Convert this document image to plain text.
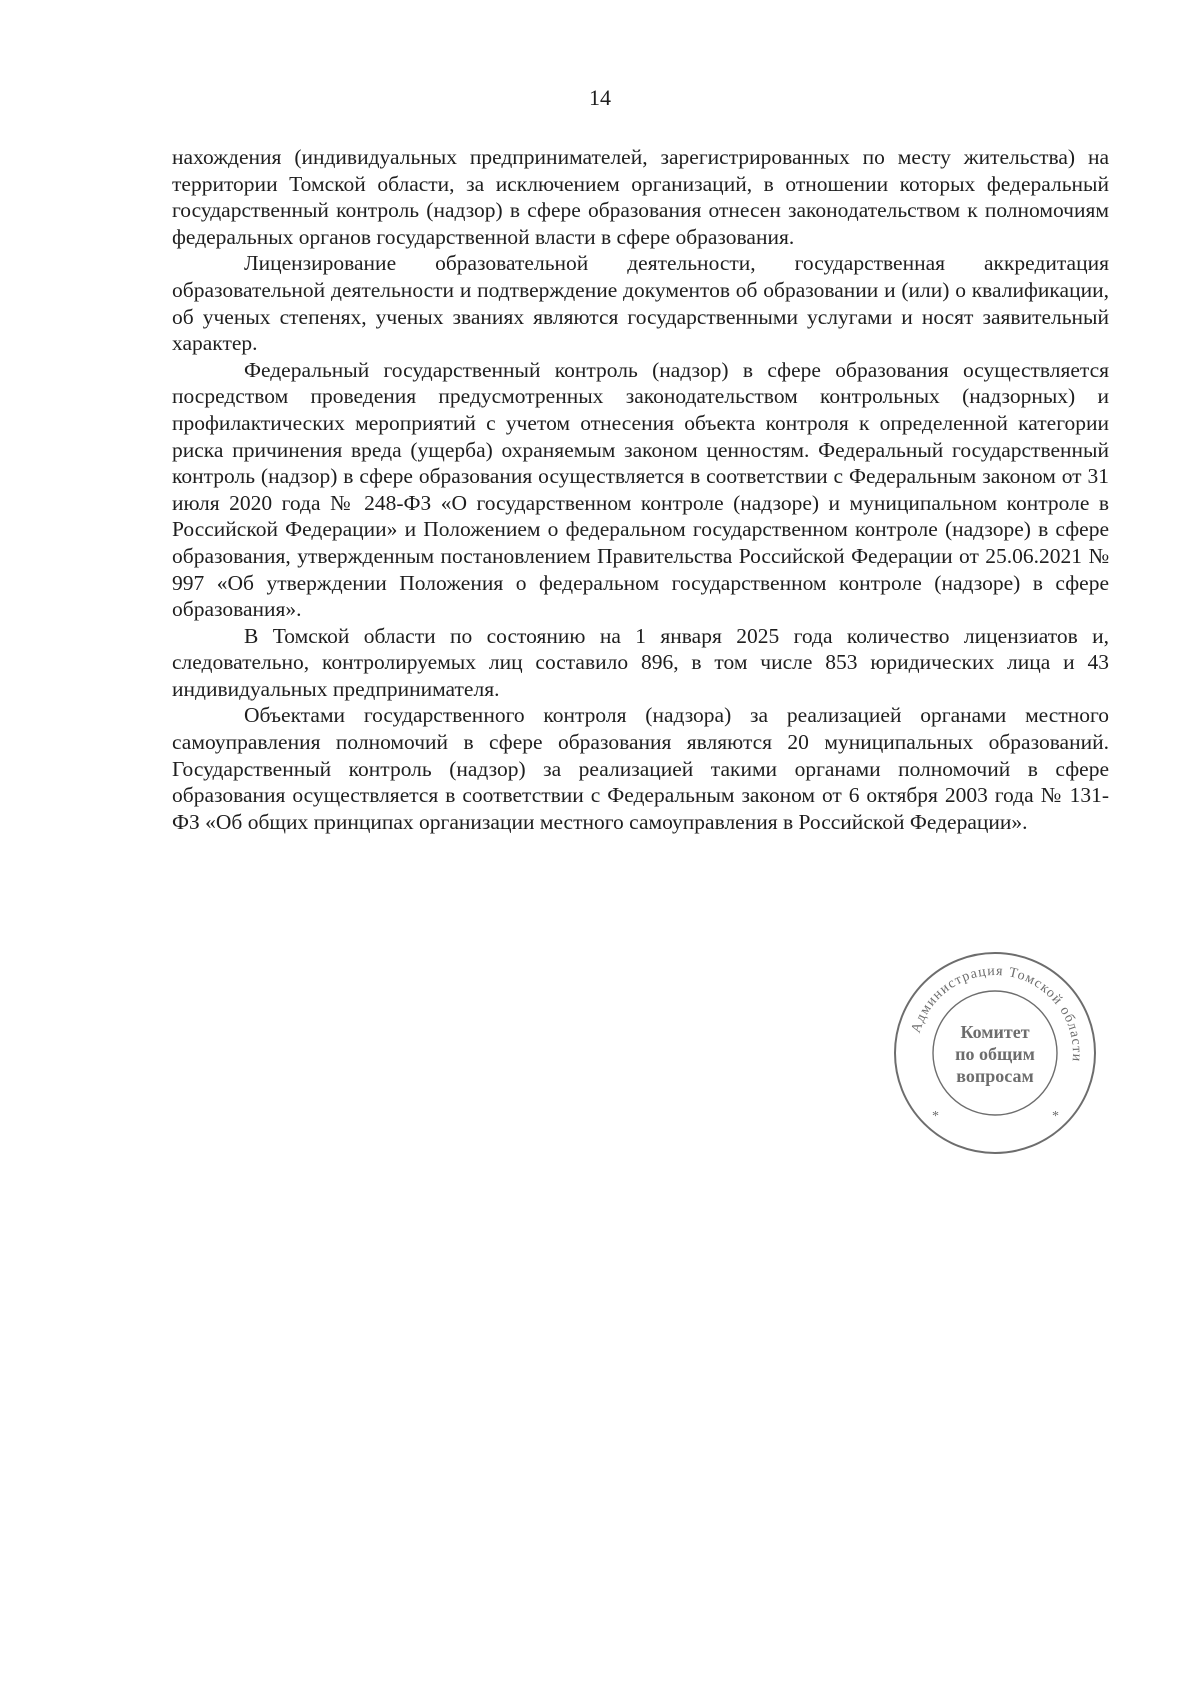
14

нахождения (индивидуальных предпринимателей, зарегистрированных по месту жительства) на территории Томской области, за исключением организаций, в отношении которых федеральный государственный контроль (надзор) в сфере образования отнесен законодательством к полномочиям федеральных органов государственной власти в сфере образования.

Лицензирование образовательной деятельности, государственная аккредитация образовательной деятельности и подтверждение документов об образовании и (или) о квалификации, об ученых степенях, ученых званиях являются государственными услугами и носят заявительный характер.

Федеральный государственный контроль (надзор) в сфере образования осуществляется посредством проведения предусмотренных законодательством контрольных (надзорных) и профилактических мероприятий с учетом отнесения объекта контроля к определенной категории риска причинения вреда (ущерба) охраняемым законом ценностям. Федеральный государственный контроль (надзор) в сфере образования осуществляется в соответствии с Федеральным законом от 31 июля 2020 года № 248-ФЗ «О государственном контроле (надзоре) и муниципальном контроле в Российской Федерации» и Положением о федеральном государственном контроле (надзоре) в сфере образования, утвержденным постановлением Правительства Российской Федерации от 25.06.2021 № 997 «Об утверждении Положения о федеральном государственном контроле (надзоре) в сфере образования».

В Томской области по состоянию на 1 января 2025 года количество лицензиатов и, следовательно, контролируемых лиц составило 896, в том числе 853 юридических лица и 43 индивидуальных предпринимателя.

Объектами государственного контроля (надзора) за реализацией органами местного самоуправления полномочий в сфере образования являются 20 муниципальных образований. Государственный контроль (надзор) за реализацией такими органами полномочий в сфере образования осуществляется в соответствии с Федеральным законом от 6 октября 2003 года № 131-ФЗ «Об общих принципах организации местного самоуправления в Российской Федерации».

Администрация Томской области
*	*
Комитет
по общим
вопросам
